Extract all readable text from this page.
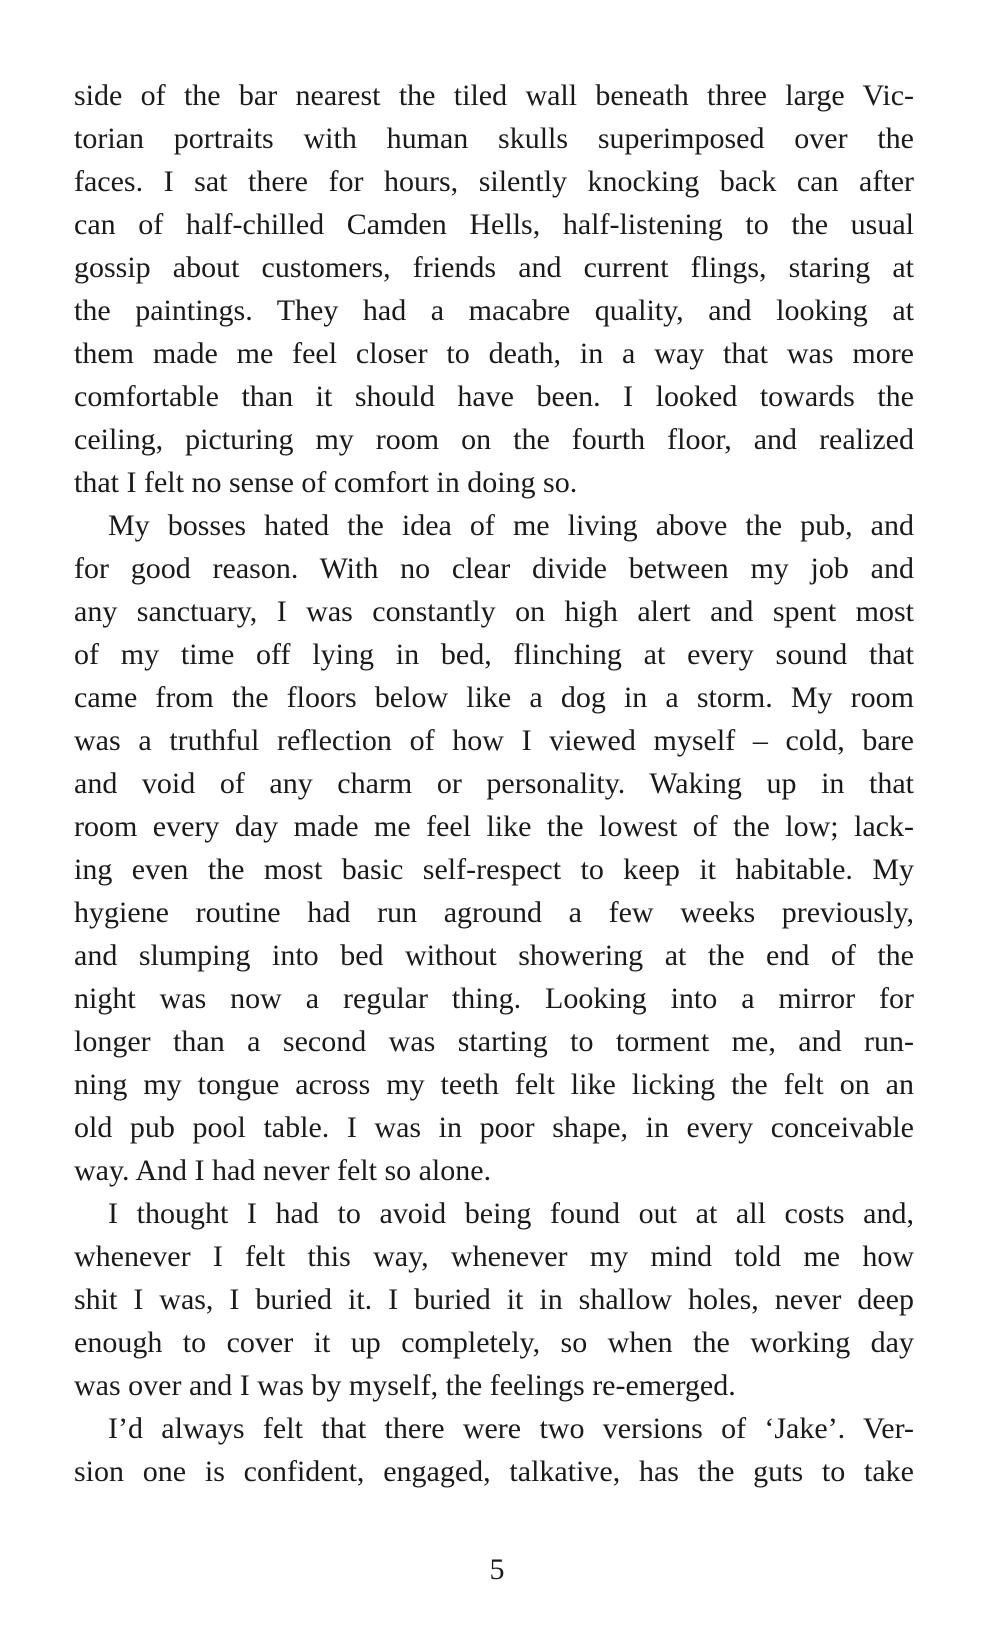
side of the bar nearest the tiled wall beneath three large Vic-
torian portraits with human skulls superimposed over the
faces. I sat there for hours, silently knocking back can after
can of half-chilled Camden Hells, half-listening to the usual
gossip about customers, friends and current flings, staring at
the paintings. They had a macabre quality, and looking at
them made me feel closer to death, in a way that was more
comfortable than it should have been. I looked towards the
ceiling, picturing my room on the fourth floor, and realized
that I felt no sense of comfort in doing so.
My bosses hated the idea of me living above the pub, and
for good reason. With no clear divide between my job and
any sanctuary, I was constantly on high alert and spent most
of my time off lying in bed, flinching at every sound that
came from the floors below like a dog in a storm. My room
was a truthful reflection of how I viewed myself – cold, bare
and void of any charm or personality. Waking up in that
room every day made me feel like the lowest of the low; lack-
ing even the most basic self-respect to keep it habitable. My
hygiene routine had run aground a few weeks previously,
and slumping into bed without showering at the end of the
night was now a regular thing. Looking into a mirror for
longer than a second was starting to torment me, and run-
ning my tongue across my teeth felt like licking the felt on an
old pub pool table. I was in poor shape, in every conceivable
way. And I had never felt so alone.
I thought I had to avoid being found out at all costs and,
whenever I felt this way, whenever my mind told me how
shit I was, I buried it. I buried it in shallow holes, never deep
enough to cover it up completely, so when the working day
was over and I was by myself, the feelings re-emerged.
I’d always felt that there were two versions of ‘Jake’. Ver-
sion one is confident, engaged, talkative, has the guts to take
5
